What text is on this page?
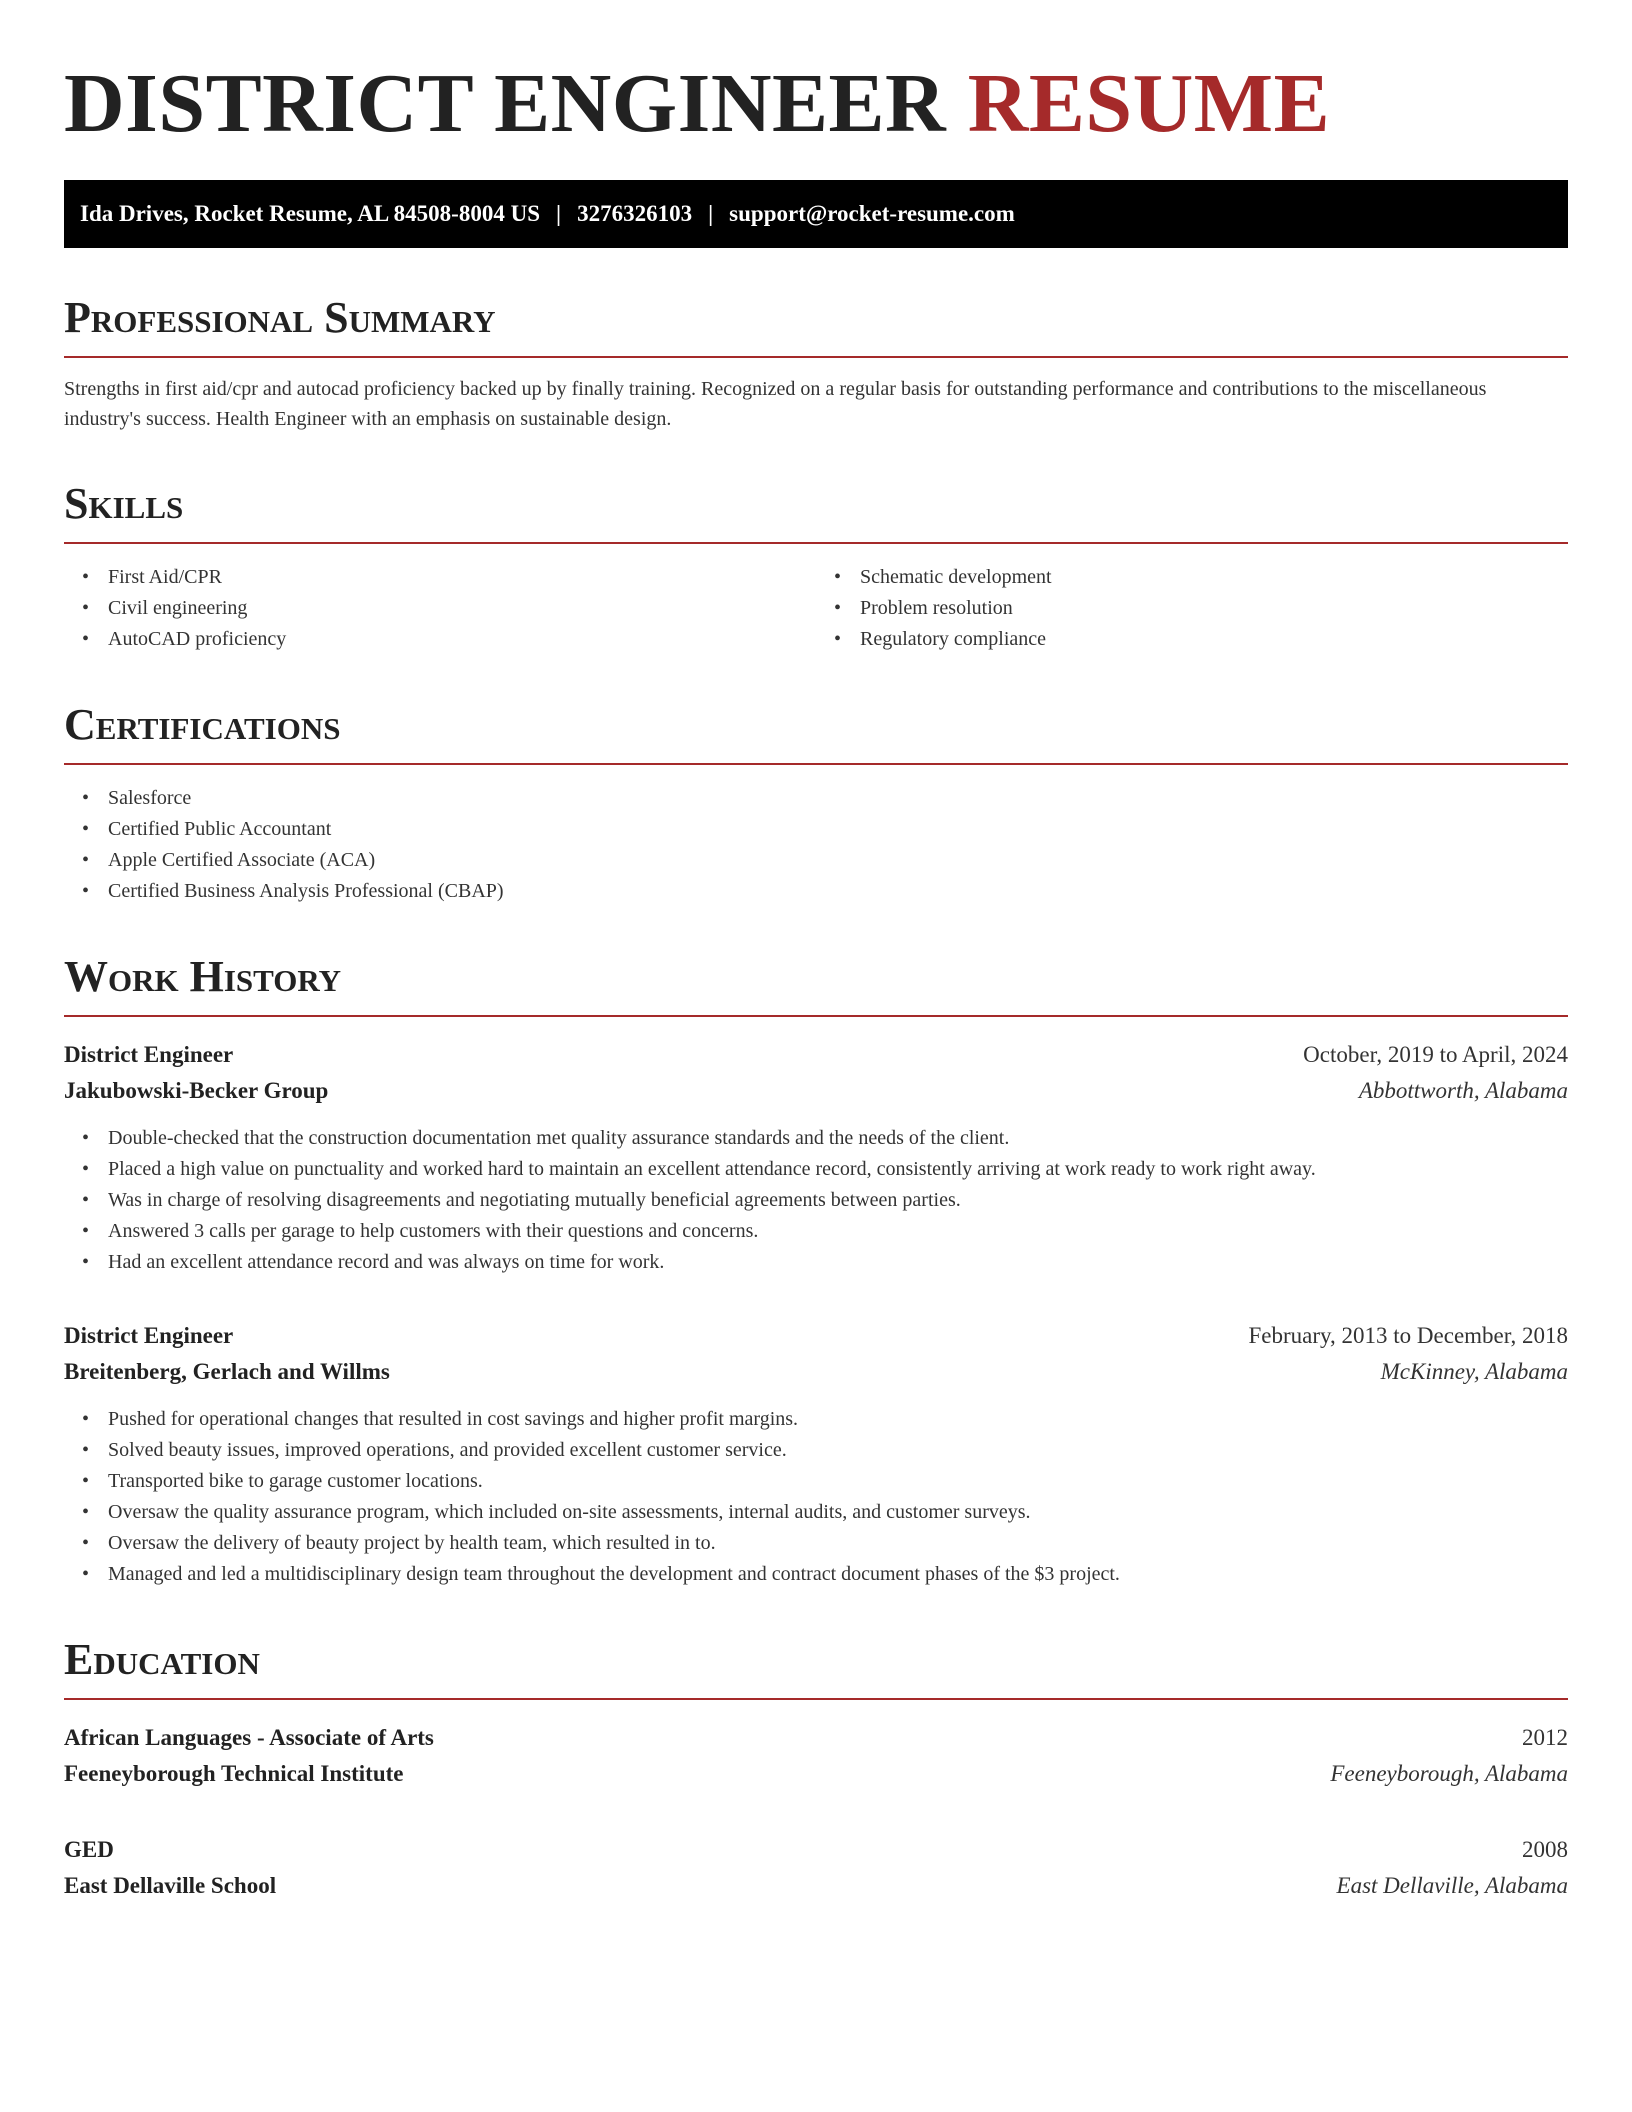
DISTRICT ENGINEER RESUME
Ida Drives, Rocket Resume, AL 84508-8004 US | 3276326103 | support@rocket-resume.com
Professional Summary

Strengths in first aid/cpr and autocad proficiency backed up by finally training. Recognized on a regular basis for outstanding performance and contributions to the miscellaneous industry's success. Health Engineer with an emphasis on sustainable design.

Skills
• First Aid/CPR
• Civil engineering
• AutoCAD proficiency
• Schematic development
• Problem resolution
• Regulatory compliance
Certifications
• Salesforce
• Certified Public Accountant
• Apple Certified Associate (ACA)
• Certified Business Analysis Professional (CBAP)
Work History
District Engineer	October, 2019 to April, 2024
Jakubowski-Becker Group	Abbottworth, Alabama
• Double-checked that the construction documentation met quality assurance standards and the needs of the client.
• Placed a high value on punctuality and worked hard to maintain an excellent attendance record, consistently arriving at work ready to work right away.
• Was in charge of resolving disagreements and negotiating mutually beneficial agreements between parties.
• Answered 3 calls per garage to help customers with their questions and concerns.
• Had an excellent attendance record and was always on time for work.
District Engineer	February, 2013 to December, 2018
Breitenberg, Gerlach and Willms	McKinney, Alabama
• Pushed for operational changes that resulted in cost savings and higher profit margins.
• Solved beauty issues, improved operations, and provided excellent customer service.
• Transported bike to garage customer locations.
• Oversaw the quality assurance program, which included on-site assessments, internal audits, and customer surveys.
• Oversaw the delivery of beauty project by health team, which resulted in to.
• Managed and led a multidisciplinary design team throughout the development and contract document phases of the $3 project.
Education
African Languages - Associate of Arts	2012
Feeneyborough Technical Institute	Feeneyborough, Alabama
GED	2008
East Dellaville School	East Dellaville, Alabama
